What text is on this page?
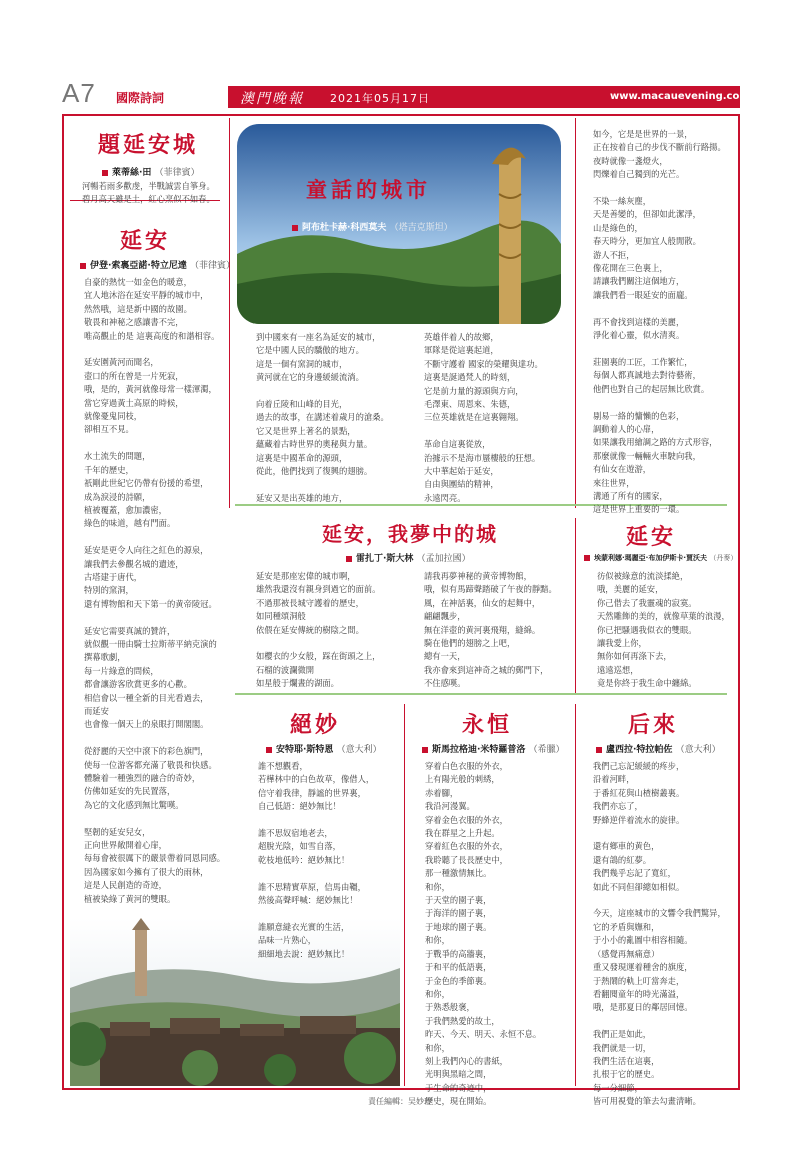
A7 國際詩詞	澳門晚報 2021年05月17日	www.macauevening.com
題延安城
萊蒂絲·田 （菲律賓）
河暢若雨多歡虔，半戰誠雲自箏身。
碧月高天雖是土，紅心烹似不如春。
延安
伊登·索裏亞諾·特立尼達 （菲律賓）
自豪的熱忱一如金色的暖意，
宜人地沐浴在延安平靜的城市中，
然然哦，這是新中國的故園。
敬畏和神秘之感讓書不完，
唯高觀止的是 這裏高度的和諧相容。

延安圍黃河而聞名，
壺口的所在曾是一片死寂，
哦，是的，黃河就像母常一樣渾濁，
當它穿過黃土高原的時候，
就像憂鬼同枝，
卻相互不見。

水土流失的問題，
千年的歷史，
祇剛此世紀它仍帶有份援的希望，
成為淚浸的詩願，
植被覆蓋，愈加濃密，
綠色的味道，越有門面。

延安是更令人向往之紅色的源泉，
讓我們去參觀名城的遺迹，
古塔建于唐代，
特別的窯洞，
還有博物館和天下第一的黄帝陵冠。

延安它需要真誠的贊許，
就似觀一冊由騎士拉斯蒂平納克演的
撰幕歌劇，
每一片綠意的問候，
都會讓游客欣賞更多的心歡。
相信會以一種全新的目光看過去，
而延安
也會像一個天上的泉眼打開閣閣。

從舒麗的天空中滾下的彩色旗門，
使每一位游客都充滿了敬畏和快感。
體驗着一種強烈的融合的奇妙，
仿佛如延安的先民置落，
為它的文化感到無比驚嘆。

堅韌的延安兒女，
正向世界敞開着心扉，
每每會被很厲下的嚴景帶着同恩同感。
因為國家如今擁有了很大的雨林，
這是人民創造的奇迹，
植被染綠了黄河的雙眼。

童話的城市
阿布杜卡赫·科西莫夫 （塔吉克斯坦）
到中國來有一座名為延安的城市，
它是中國人民的驕傲的地方。
這是一個有窯洞的城市，
黄河就在它的身邊緩緩流淌。

向着丘陵和山峰的目光，
過去的故事，在講述着歲月的滄桑。
它又是世界上著名的景點，
蘊藏着古時世界的奧秘與力量。
這裏是中國革命的源頭，
從此，他們找到了復興的翅膀。

延安又是出英雄的地方，
英雄伴着人的故鄉，
軍隊是從這裏起道，
不斷守護着 國家的榮耀與達功。
這裏是誕過梵人的時刻，
它是前力量的源頭與方向，
毛澤東、周恩來、朱德，
三位英雄就是在這裏翱翔。

革命自這裏從放，
治據示不是海市蜃樓般的狂想。
大中華起始于延安，
自由與團結的精神，
永遠閃亮。
如今，它是是世界的一景，
正在按着自己的步伐不斷前行路揚。
夜時就像一盞燈火，
閃爍着自己獨到的光芒。

不染一絲灰塵，
天是善變的，但卻如此潔淨，
山是綠色的，
春天時分，更加宜人般閒散。
游人不拒，
像花開在三色裏上，
請讓我們關注這個地方，
讓我們看一眼延安的面龐。

再不會找到這樣的美麗，
淨化着心靈，似水清爽。

莊園裏的工匠，工作繁忙，
每個人都真誠地去對待藝術，
他們也對自己的起居無比欣賞。

剔易一絡的慵懶的色彩，
調動着人的心扉，
如果讓我用繪調之路的方式形容，
那麼就像一輛輛火車駛向我，
有仙女在遊游，
來往世界，
溝通了所有的國家，
這是世界上重要的一環。
延安，我夢中的城
雷扎丁·斯大林 （孟加拉國）
延安是那座宏偉的城市啊，
雄然我還沒有親身到過它的面前。
不過那被長城守護着的歷史，
如同種頌洞般
依偎在延安傳統的樹陰之間。

如櫻衣的少女般，踩在街頭之上，
石榴的波瀾微開
如星般于爛晝的湖面。
請我再夢神秘的黄帝博物館，
哦，似有馬蹄聲踏破了午夜的靜黯。
風，在神話裏，仙女的起舞中，
翩翩飄步，
無在洋壺的黄河裏飛翔，縫綿。
騎在他們的翅膀之上吧，
總有一天，
我亦會來到這神奇之城的郵門下，
不住感嘆。
延安
埃蒙利娜·瑪麗亞·布加伊斯卡·賈沃夫 （丹麥）
彷似被綠意的流淡揉絶，
哦，美麗的延安，
你己借去了我靈魂的寂寞。
天然雕飾的美的，就像草葉的浪漫，
你已把騷遇我似衣的雙眼。
讓我愛上你，
無你如何再涤下去，
遠遠巡想，
竟是你終于我生命中纏綿。
絕妙
安特耶·斯特恩 （意大利）
誰不想觀看，
若樺林中的白色故草，像借人，
信守着我律，靜謐的世界裏，
自己低語：絕妙無比！

誰不思奴宿地老去，
超脫光陰，如雪自落，
乾枝地低吟：絕妙無比！

誰不思精實草原，信馬由韁，
然後高聲呼喊：絕妙無比！

誰願意縫衣光實的生活，
品味一片熟心，
細細地去說：絕妙無比！
永恒
斯馬拉格迪·米特羅普洛 （希臘）
穿着白色衣服的外衣，
上有陽光般的刺綉，
赤着腳，
我沿河漫翼。
穿着金色衣服的外衣，
我在群星之上升起。
穿着紅色衣服的外衣，
我聆聽了長長歷史中，
那一種激情無比。
和你，
于天堂的園子裏，
于海洋的園子裏，
于地球的園子裏。
和你，
于戰爭的高牆裏，
于和平的低語裏，
于金色的季節裏。
和你，
于熟悉般褒，
于我們熱愛的故土，
昨天、今天、明天、永恒不息。
和你，
刻上我們內心的書紙，
光明與黑暗之間，
于生命的奇迹中，
歷史，現在開始。
后來
盧西拉·特拉帕佐 （意大利）
我們己忘記緩緩的疼步，
沿着河畔，
于番紅花與山楂樹叢裏。
我們亦忘了，
野蜂逆伴着流水的旋律。

還有鄉車的黄色，
還有鴿的紅夢。
我們幾乎忘記了寬紅，
如此不同但卻總如相似。

今天，這座城市的文響令我們驚异，
它的矛盾與嫵和，
于小小的亂圖中相容相隨。
（感覺再無痛意）
重又發現運着種舍的旗度，
于熱鬧的軌上叮當奔走，
看翻閱童年的時光滿溢，
哦，是那夏日的鄰居回憶。

我們正是如此，
我們就是一切，
我們生活在這裏，
扎根于它的歷史。
每一分細節，
皆可用視覺的筆去勾畫清晰。
責任編輯：吴妙玲
